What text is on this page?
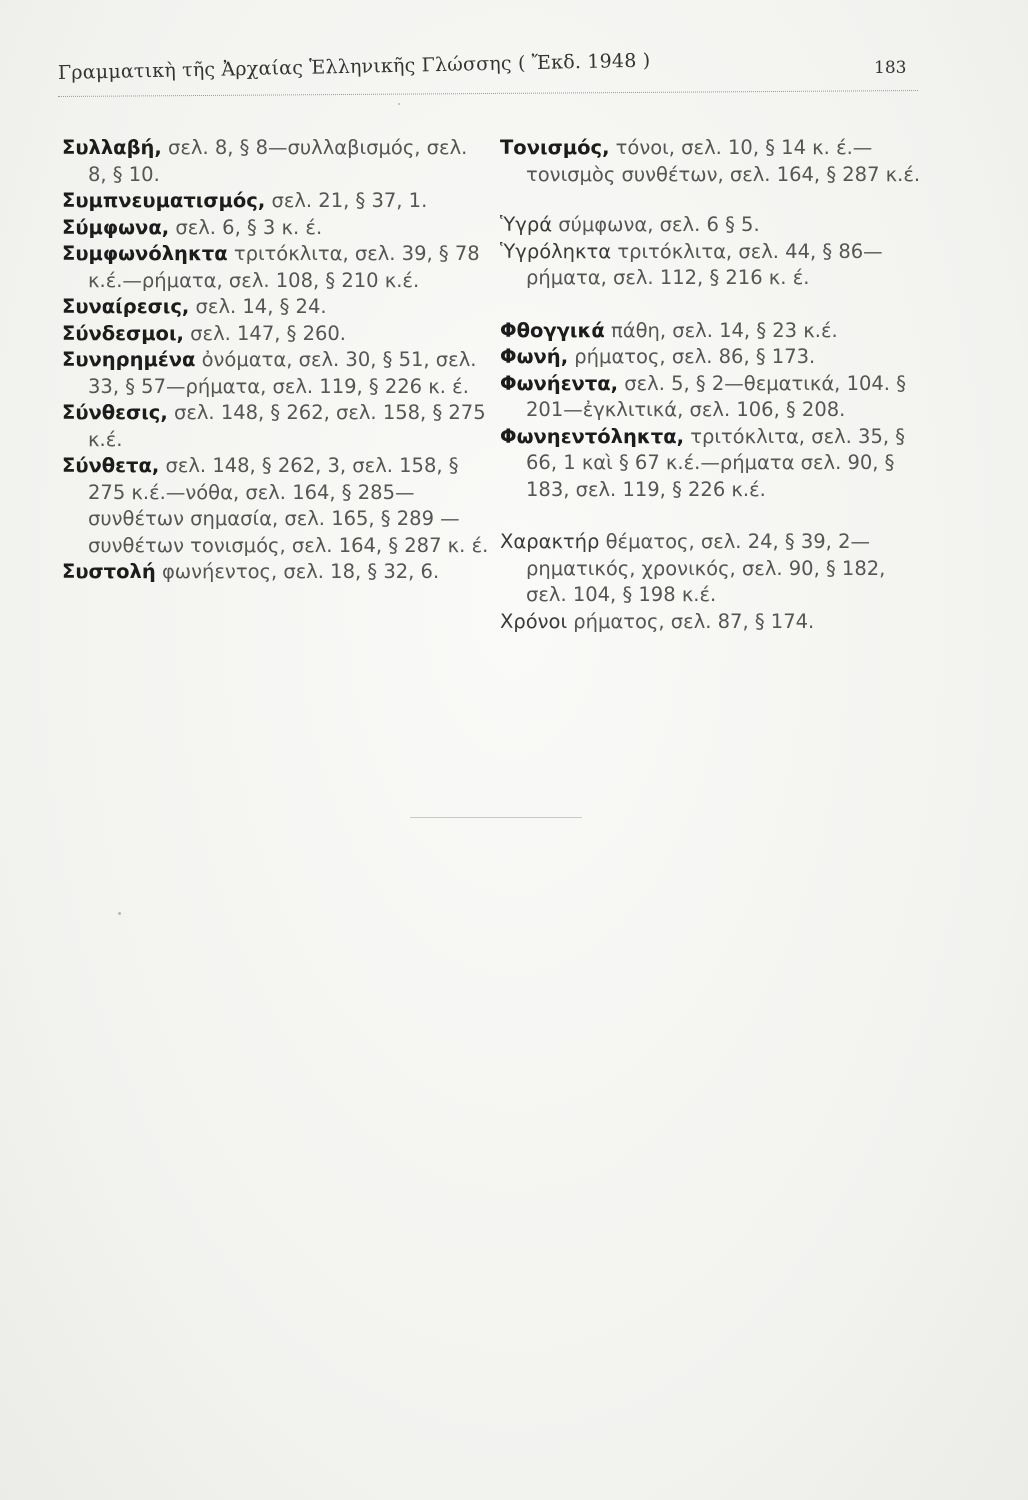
Γραμματικὴ τῆς Ἀρχαίας Ἑλληνικῆς Γλώσσης ( Ἔκδ. 1948 )	183

Συλλαβή, σελ. 8, § 8—συλλαβισμός, σελ. 8, § 10.

Συμπνευματισμός, σελ. 21, § 37, 1.

Σύμφωνα, σελ. 6, § 3 κ. έ.

Συμφωνόληκτα τριτόκλιτα, σελ. 39, § 78 κ.έ.—ρήματα, σελ. 108, § 210 κ.έ.

Συναίρεσις, σελ. 14, § 24.

Σύνδεσμοι, σελ. 147, § 260.

Συνηρημένα ὀνόματα, σελ. 30, § 51, σελ. 33, § 57—ρήματα, σελ. 119, § 226 κ. έ.

Σύνθεσις, σελ. 148, § 262, σελ. 158, § 275 κ.έ.

Σύνθετα, σελ. 148, § 262, 3, σελ. 158, § 275 κ.έ.—νόθα, σελ. 164, § 285—συνθέτων σημασία, σελ. 165, § 289 — συνθέτων τονισμός, σελ. 164, § 287 κ. έ.

Συστολή φωνήεντος, σελ. 18, § 32, 6.

Τονισμός, τόνοι, σελ. 10, § 14 κ. έ.—τονισμὸς συνθέτων, σελ. 164, § 287 κ.έ.

Ὑγρά σύμφωνα, σελ. 6 § 5.

Ὑγρόληκτα τριτόκλιτα, σελ. 44, § 86—ρήματα, σελ. 112, § 216 κ. έ.

Φθογγικά πάθη, σελ. 14, § 23 κ.έ.

Φωνή, ρήματος, σελ. 86, § 173.

Φωνήεντα, σελ. 5, § 2—θεματικά, 104. § 201—ἐγκλιτικά, σελ. 106, § 208.

Φωνηεντόληκτα, τριτόκλιτα, σελ. 35, § 66, 1 καὶ § 67 κ.έ.—ρήματα σελ. 90, § 183, σελ. 119, § 226 κ.έ.

Χαρακτήρ θέματος, σελ. 24, § 39, 2—ρηματικός, χρονικός, σελ. 90, § 182, σελ. 104, § 198 κ.έ.

Χρόνοι ρήματος, σελ. 87, § 174.
